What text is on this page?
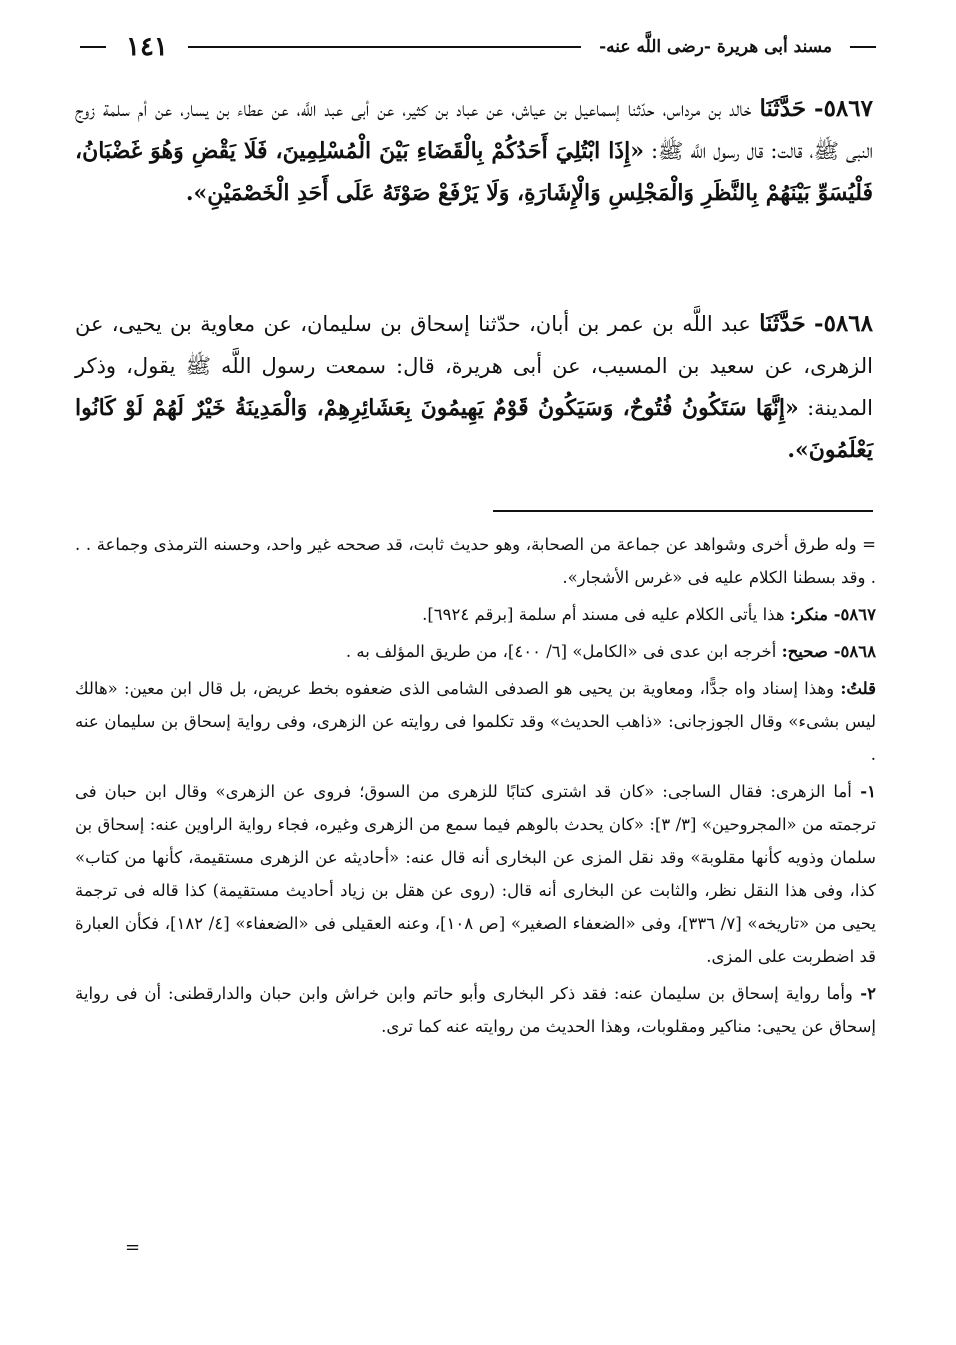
مسند أبى هريرة -رضى اللَّه عنه-
١٤١
٥٨٦٧- حَدَّثَنَا خالد بن مرداس، حدّثنا إسماعيل بن عياش، عن عباد بن كثير، عن أبى عبد اللَّه، عن عطاء بن يسار، عن أم سلمة زوج النبى ﷺ، قالت: قال رسول اللَّه ﷺ: «إِذَا ابْتُلِيَ أَحَدُكُمْ بِالْقَضَاءِ بَيْنَ الْمُسْلِمِينَ، فَلَا يَقْضِ وَهُوَ غَضْبَانُ، فَلْيُسَوِّ بَيْنَهُمْ بِالنَّظَرِ وَالْمَجْلِسِ وَالْإِشَارَةِ، وَلَا يَرْفَعْ صَوْتَهُ عَلَى أَحَدِ الْخَصْمَيْنِ».
٥٨٦٨- حَدَّثَنَا عبد اللَّه بن عمر بن أبان، حدّثنا إسحاق بن سليمان، عن معاوية بن يحيى، عن الزهرى، عن سعيد بن المسيب، عن أبى هريرة، قال: سمعت رسول اللَّه ﷺ يقول، وذكر المدينة: «إِنَّهَا سَتَكُونُ فُتُوحٌ، وَسَيَكُونُ قَوْمٌ يَهِيمُونَ بِعَشَائِرِهِمْ، وَالْمَدِينَةُ خَيْرٌ لَهُمْ لَوْ كَانُوا يَعْلَمُونَ».

= وله طرق أخرى وشواهد عن جماعة من الصحابة، وهو حديث ثابت، قد صححه غير واحد، وحسنه الترمذى وجماعة . . . وقد بسطنا الكلام عليه فى «غرس الأشجار».

٥٨٦٧- منكر: هذا يأتى الكلام عليه فى مسند أم سلمة [برقم ٦٩٢٤].

٥٨٦٨- صحيح: أخرجه ابن عدى فى «الكامل» [٦/ ٤٠٠]، من طريق المؤلف به .

قلتُ: وهذا إسناد واه جدًّا، ومعاوية بن يحيى هو الصدفى الشامى الذى ضعفوه بخط عريض، بل قال ابن معين: «هالك ليس بشىء» وقال الجوزجانى: «ذاهب الحديث» وقد تكلموا فى روايته عن الزهرى، وفى رواية إسحاق بن سليمان عنه .

١- أما الزهرى: فقال الساجى: «كان قد اشترى كتابًا للزهرى من السوق؛ فروى عن الزهرى» وقال ابن حبان فى ترجمته من «المجروحين» [٣/ ٣]: «كان يحدث بالوهم فيما سمع من الزهرى وغيره، فجاء رواية الراوين عنه: إسحاق بن سلمان وذويه كأنها مقلوبة» وقد نقل المزى عن البخارى أنه قال عنه: «أحاديثه عن الزهرى مستقيمة، كأنها من كتاب» كذا، وفى هذا النقل نظر، والثابت عن البخارى أنه قال: (روى عن هقل بن زياد أحاديث مستقيمة) كذا قاله فى ترجمة يحيى من «تاريخه» [٧/ ٣٣٦]، وفى «الضعفاء الصغير» [ص ١٠٨]، وعنه العقيلى فى «الضعفاء» [٤/ ١٨٢]، فكأن العبارة قد اضطربت على المزى.

٢- وأما رواية إسحاق بن سليمان عنه: فقد ذكر البخارى وأبو حاتم وابن خراش وابن حبان والدارقطنى: أن فى رواية إسحاق عن يحيى: مناكير ومقلوبات، وهذا الحديث من روايته عنه كما ترى.

=
